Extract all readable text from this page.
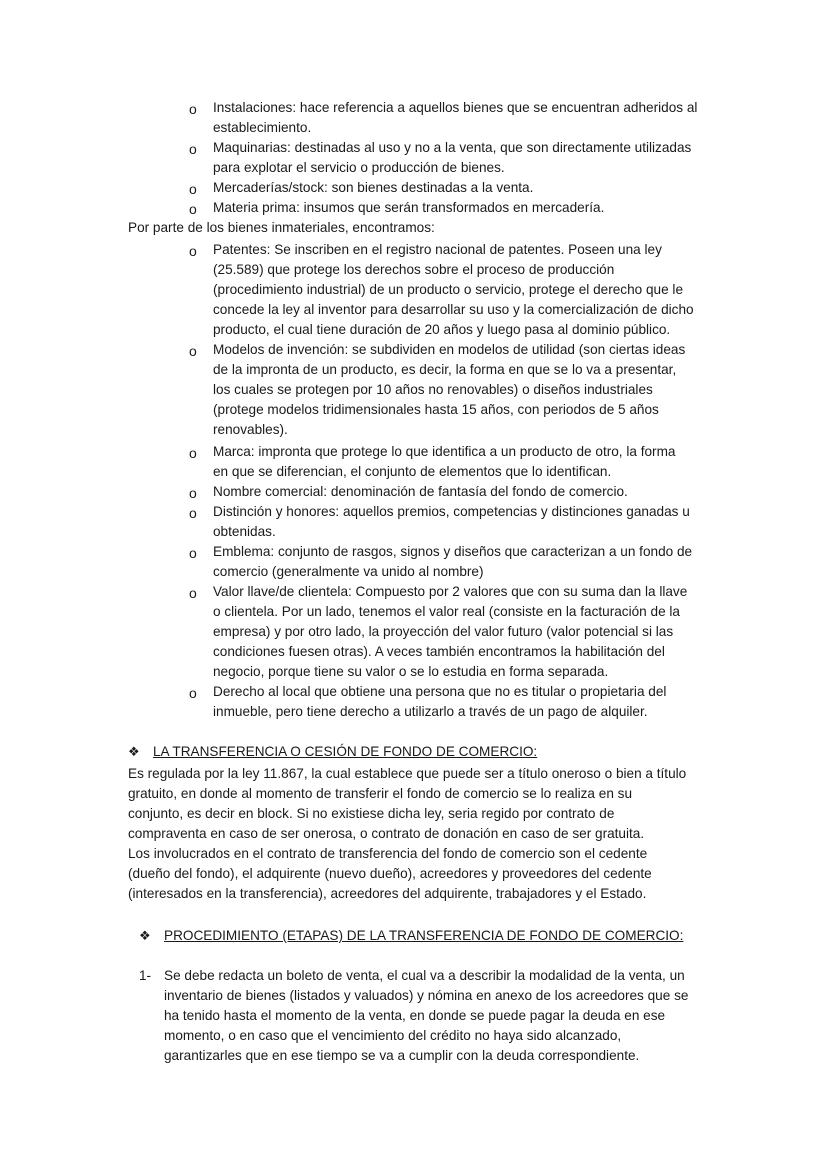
o Instalaciones: hace referencia a aquellos bienes que se encuentran adheridos al
establecimiento.
o Maquinarias: destinadas al uso y no a la venta, que son directamente utilizadas
para explotar el servicio o producción de bienes.
o Mercaderías/stock: son bienes destinadas a la venta.
o Materia prima: insumos que serán transformados en mercadería.
Por parte de los bienes inmateriales, encontramos:
o Patentes: Se inscriben en el registro nacional de patentes. Poseen una ley
(25.589) que protege los derechos sobre el proceso de producción
(procedimiento industrial) de un producto o servicio, protege el derecho que le
concede la ley al inventor para desarrollar su uso y la comercialización de dicho
producto, el cual tiene duración de 20 años y luego pasa al dominio público.
o Modelos de invención: se subdividen en modelos de utilidad (son ciertas ideas
de la impronta de un producto, es decir, la forma en que se lo va a presentar,
los cuales se protegen por 10 años no renovables) o diseños industriales
(protege modelos tridimensionales hasta 15 años, con periodos de 5 años
renovables).
o Marca: impronta que protege lo que identifica a un producto de otro, la forma
en que se diferencian, el conjunto de elementos que lo identifican.
o Nombre comercial: denominación de fantasía del fondo de comercio.
o Distinción y honores: aquellos premios, competencias y distinciones ganadas u
obtenidas.
o Emblema: conjunto de rasgos, signos y diseños que caracterizan a un fondo de
comercio (generalmente va unido al nombre)
o Valor llave/de clientela: Compuesto por 2 valores que con su suma dan la llave
o clientela. Por un lado, tenemos el valor real (consiste en la facturación de la
empresa) y por otro lado, la proyección del valor futuro (valor potencial si las
condiciones fuesen otras). A veces también encontramos la habilitación del
negocio, porque tiene su valor o se lo estudia en forma separada.
o Derecho al local que obtiene una persona que no es titular o propietaria del
inmueble, pero tiene derecho a utilizarlo a través de un pago de alquiler.
❖ LA TRANSFERENCIA O CESIÓN DE FONDO DE COMERCIO:
Es regulada por la ley 11.867, la cual establece que puede ser a título oneroso o bien a título
gratuito, en donde al momento de transferir el fondo de comercio se lo realiza en su
conjunto, es decir en block. Si no existiese dicha ley, seria regido por contrato de
compraventa en caso de ser onerosa, o contrato de donación en caso de ser gratuita.
Los involucrados en el contrato de transferencia del fondo de comercio son el cedente
(dueño del fondo), el adquirente (nuevo dueño), acreedores y proveedores del cedente
(interesados en la transferencia), acreedores del adquirente, trabajadores y el Estado.
❖ PROCEDIMIENTO (ETAPAS) DE LA TRANSFERENCIA DE FONDO DE COMERCIO:
1- Se debe redacta un boleto de venta, el cual va a describir la modalidad de la venta, un
inventario de bienes (listados y valuados) y nómina en anexo de los acreedores que se
ha tenido hasta el momento de la venta, en donde se puede pagar la deuda en ese
momento, o en caso que el vencimiento del crédito no haya sido alcanzado,
garantizarles que en ese tiempo se va a cumplir con la deuda correspondiente.
